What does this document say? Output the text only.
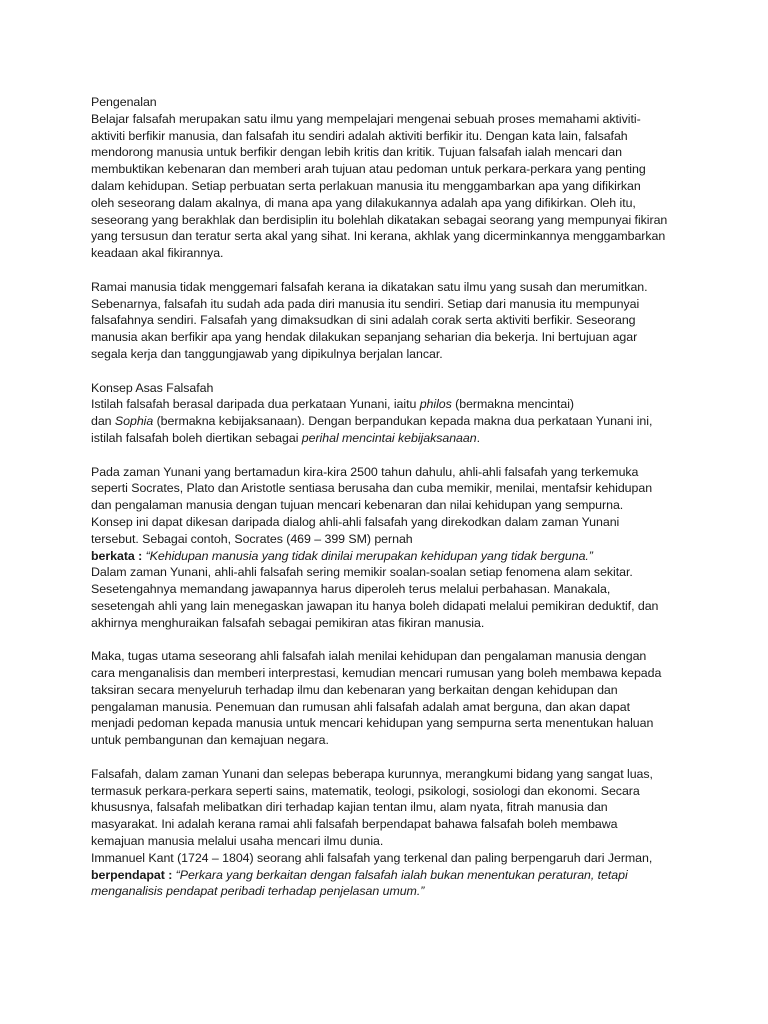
Pengenalan
Belajar falsafah merupakan satu ilmu yang mempelajari mengenai sebuah proses memahami aktiviti-
aktiviti berfikir manusia, dan falsafah itu sendiri adalah aktiviti berfikir itu. Dengan kata lain, falsafah
mendorong manusia untuk berfikir dengan lebih kritis dan kritik. Tujuan falsafah ialah mencari dan
membuktikan kebenaran dan memberi arah tujuan atau pedoman untuk perkara-perkara yang penting
dalam kehidupan. Setiap perbuatan serta perlakuan manusia itu menggambarkan apa yang difikirkan
oleh seseorang dalam akalnya, di mana apa yang dilakukannya adalah apa yang difikirkan. Oleh itu,
seseorang yang berakhlak dan berdisiplin itu bolehlah dikatakan sebagai seorang yang mempunyai fikiran
yang tersusun dan teratur serta akal yang sihat. Ini kerana, akhlak yang dicerminkannya menggambarkan
keadaan akal fikirannya.
Ramai manusia tidak menggemari falsafah kerana ia dikatakan satu ilmu yang susah dan merumitkan.
Sebenarnya, falsafah itu sudah ada pada diri manusia itu sendiri. Setiap dari manusia itu mempunyai
falsafahnya sendiri. Falsafah yang dimaksudkan di sini adalah corak serta aktiviti berfikir. Seseorang
manusia akan berfikir apa yang hendak dilakukan sepanjang seharian dia bekerja. Ini bertujuan agar
segala kerja dan tanggungjawab yang dipikulnya berjalan lancar.
Konsep Asas Falsafah
Istilah falsafah berasal daripada dua perkataan Yunani, iaitu philos (bermakna mencintai)
dan Sophia (bermakna kebijaksanaan). Dengan berpandukan kepada makna dua perkataan Yunani ini,
istilah falsafah boleh diertikan sebagai perihal mencintai kebijaksanaan.
Pada zaman Yunani yang bertamadun kira-kira 2500 tahun dahulu, ahli-ahli falsafah yang terkemuka
seperti Socrates, Plato dan Aristotle sentiasa berusaha dan cuba memikir, menilai, mentafsir kehidupan
dan pengalaman manusia dengan tujuan mencari kebenaran dan nilai kehidupan yang sempurna.
Konsep ini dapat dikesan daripada dialog ahli-ahli falsafah yang direkodkan dalam zaman Yunani
tersebut. Sebagai contoh, Socrates (469 – 399 SM) pernah
berkata : “Kehidupan manusia yang tidak dinilai merupakan kehidupan yang tidak berguna.”
Dalam zaman Yunani, ahli-ahli falsafah sering memikir soalan-soalan setiap fenomena alam sekitar.
Sesetengahnya memandang jawapannya harus diperoleh terus melalui perbahasan. Manakala,
sesetengah ahli yang lain menegaskan jawapan itu hanya boleh didapati melalui pemikiran deduktif, dan
akhirnya menghuraikan falsafah sebagai pemikiran atas fikiran manusia.
Maka, tugas utama seseorang ahli falsafah ialah menilai kehidupan dan pengalaman manusia dengan
cara menganalisis dan memberi interprestasi, kemudian mencari rumusan yang boleh membawa kepada
taksiran secara menyeluruh terhadap ilmu dan kebenaran yang berkaitan dengan kehidupan dan
pengalaman manusia. Penemuan dan rumusan ahli falsafah adalah amat berguna, dan akan dapat
menjadi pedoman kepada manusia untuk mencari kehidupan yang sempurna serta menentukan haluan
untuk pembangunan dan kemajuan negara.
Falsafah, dalam zaman Yunani dan selepas beberapa kurunnya, merangkumi bidang yang sangat luas,
termasuk perkara-perkara seperti sains, matematik, teologi, psikologi, sosiologi dan ekonomi. Secara
khususnya, falsafah melibatkan diri terhadap kajian tentan ilmu, alam nyata, fitrah manusia dan
masyarakat. Ini adalah kerana ramai ahli falsafah berpendapat bahawa falsafah boleh membawa
kemajuan manusia melalui usaha mencari ilmu dunia.
Immanuel Kant (1724 – 1804) seorang ahli falsafah yang terkenal dan paling berpengaruh dari Jerman,
berpendapat : “Perkara yang berkaitan dengan falsafah ialah bukan menentukan peraturan, tetapi
menganalisis pendapat peribadi terhadap penjelasan umum.”
